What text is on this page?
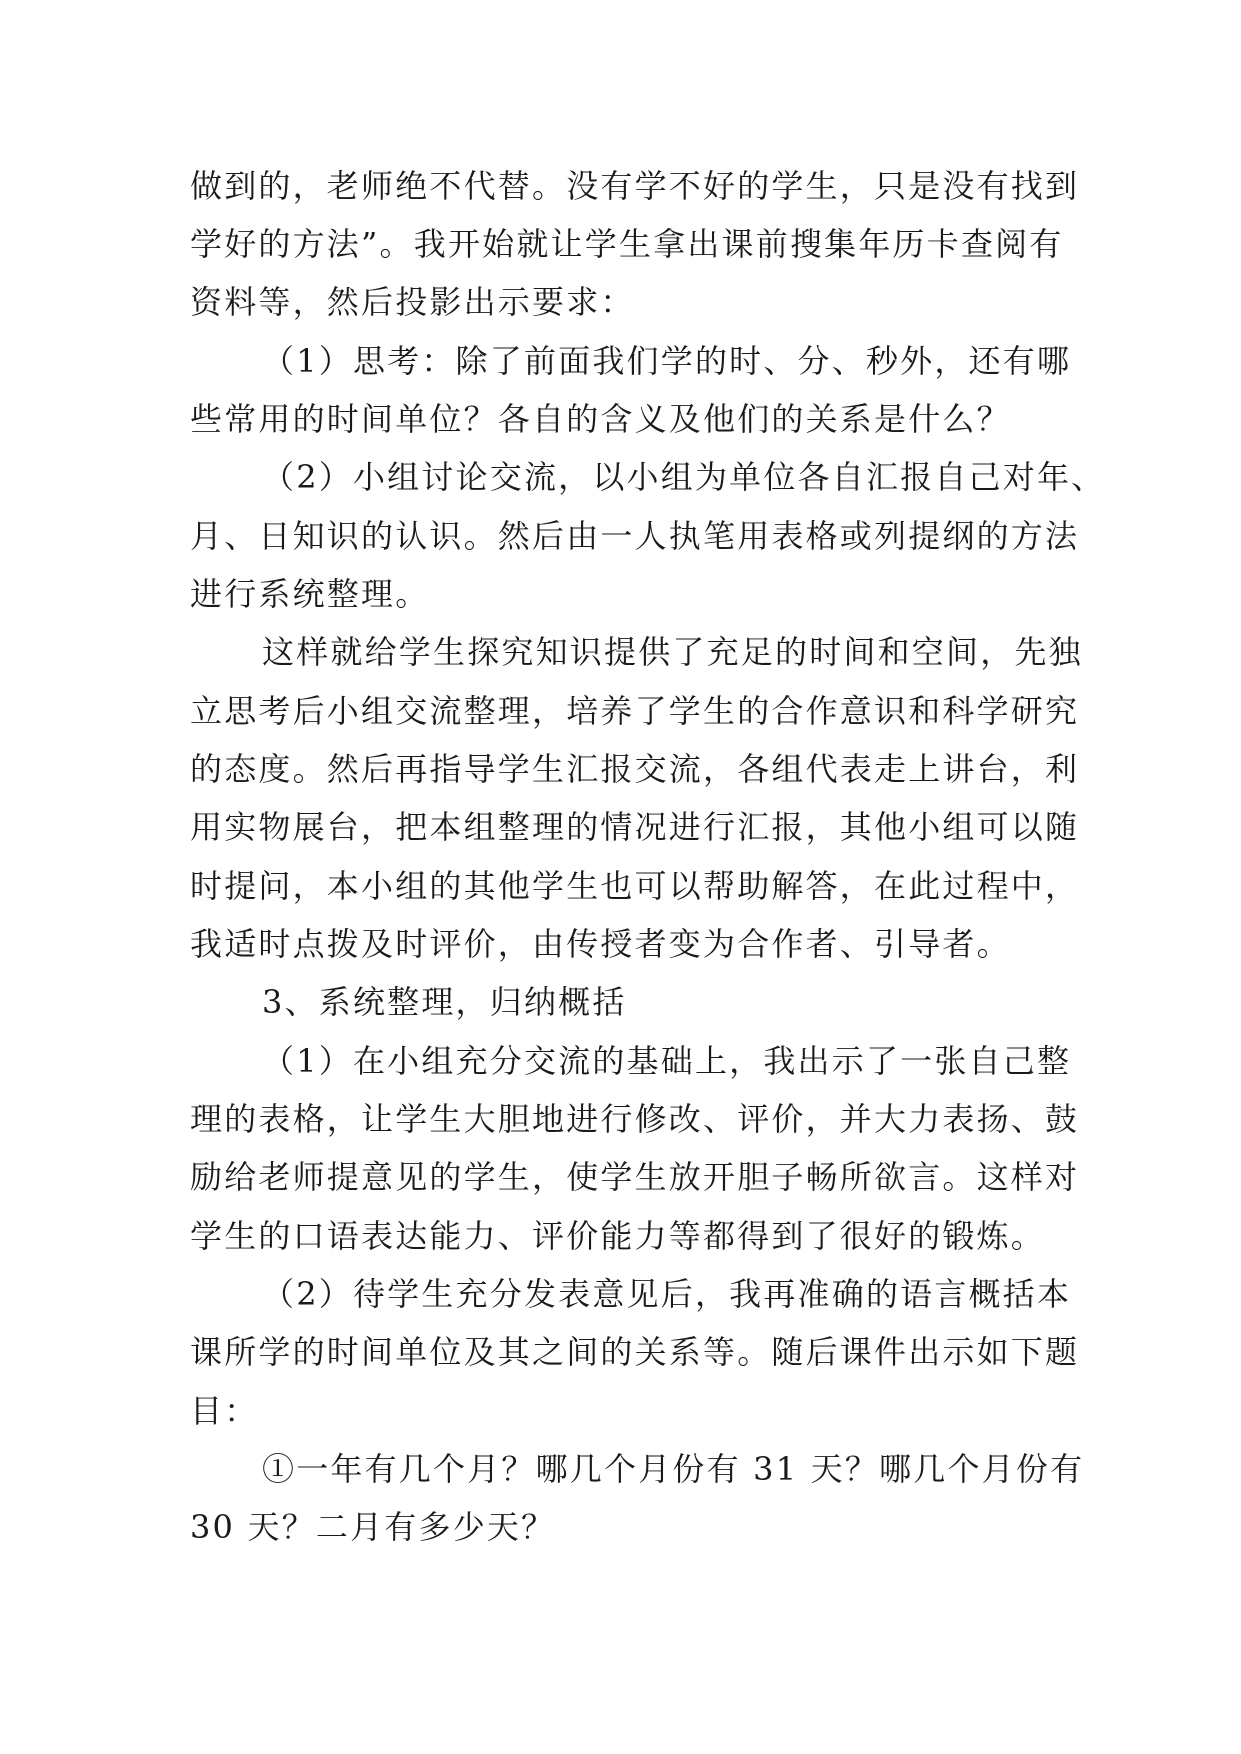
做到的，老师绝不代替。没有学不好的学生，只是没有找到
学好的方法”。我开始就让学生拿出课前搜集年历卡查阅有
资料等，然后投影出示要求：
（1）思考：除了前面我们学的时、分、秒外，还有哪
些常用的时间单位？各自的含义及他们的关系是什么？
（2）小组讨论交流，以小组为单位各自汇报自己对年、
月、日知识的认识。然后由一人执笔用表格或列提纲的方法
进行系统整理。
这样就给学生探究知识提供了充足的时间和空间，先独
立思考后小组交流整理，培养了学生的合作意识和科学研究
的态度。然后再指导学生汇报交流，各组代表走上讲台，利
用实物展台，把本组整理的情况进行汇报，其他小组可以随
时提问，本小组的其他学生也可以帮助解答，在此过程中，
我适时点拨及时评价，由传授者变为合作者、引导者。
3、系统整理，归纳概括
（1）在小组充分交流的基础上，我出示了一张自己整
理的表格，让学生大胆地进行修改、评价，并大力表扬、鼓
励给老师提意见的学生，使学生放开胆子畅所欲言。这样对
学生的口语表达能力、评价能力等都得到了很好的锻炼。
（2）待学生充分发表意见后，我再准确的语言概括本
课所学的时间单位及其之间的关系等。随后课件出示如下题
目：
①一年有几个月？哪几个月份有 31 天？哪几个月份有
30 天？二月有多少天？
